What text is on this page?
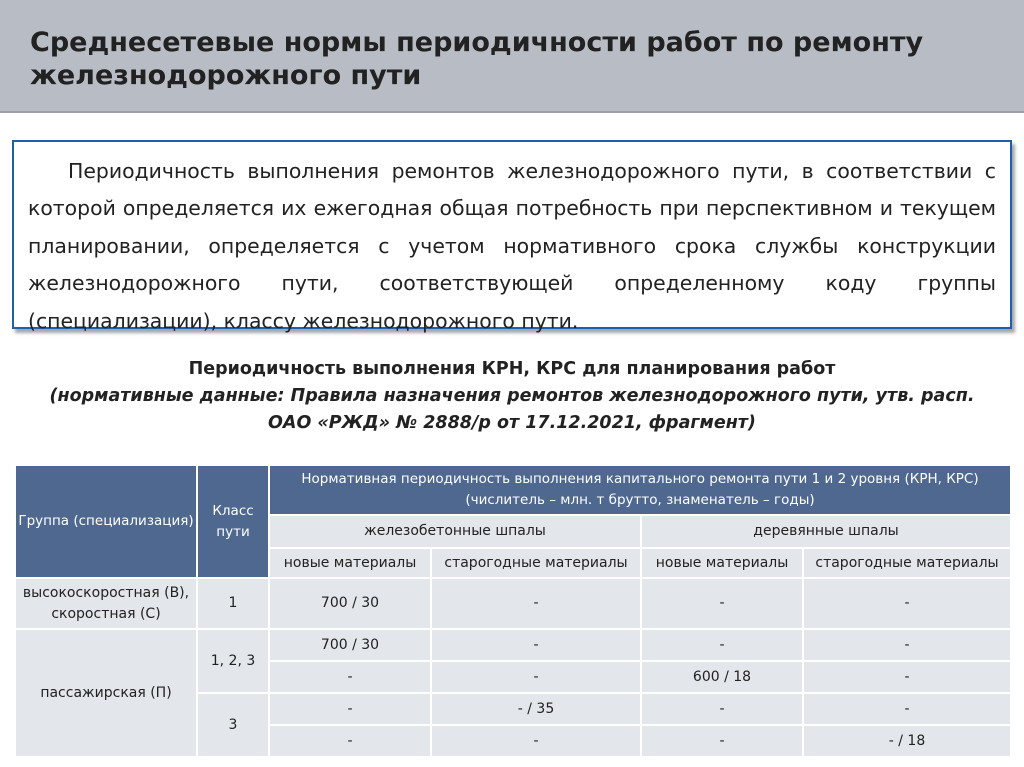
Среднесетевые нормы периодичности работ по ремонту железнодорожного пути

Периодичность выполнения ремонтов железнодорожного пути, в соответствии с которой определяется их ежегодная общая потребность при перспективном и текущем планировании, определяется с учетом нормативного срока службы конструкции железнодорожного пути, соответствующей определенному коду группы (специализации), классу железнодорожного пути.

Периодичность выполнения КРН, КРС для планирования работ
(нормативные данные: Правила назначения ремонтов железнодорожного пути, утв. расп.
ОАО «РЖД» № 2888/р от 17.12.2021, фрагмент)
Группа (специализация)	Класс пути	Нормативная периодичность выполнения капитального ремонта пути 1 и 2 уровня (КРН, КРС)
(числитель – млн. т брутто, знаменатель – годы)			

		железобетонные шпалы		деревянные шпалы	
		новые материалы	старогодные материалы	новые материалы	старогодные материалы
высокоскоростная (В), скоростная (С)	1	700 / 30	-	-	-
пассажирская (П)	1, 2, 3	700 / 30	-	-	-
		-	-	600 / 18	-
	3	-	- / 35	-	-
		-	-	-	- / 18
